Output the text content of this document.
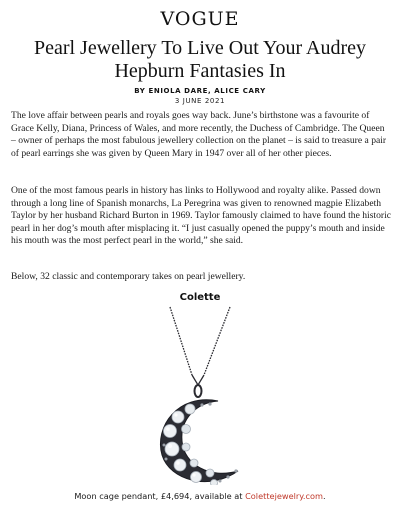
VOGUE
Pearl Jewellery To Live Out Your Audrey Hepburn Fantasies In
BY ENIOLA DARE, ALICE CARY
3 JUNE 2021

The love affair between pearls and royals goes way back. June’s birthstone was a favourite of Grace Kelly, Diana, Princess of Wales, and more recently, the Duchess of Cambridge. The Queen – owner of perhaps the most fabulous jewellery collection on the planet – is said to treasure a pair of pearl earrings she was given by Queen Mary in 1947 over all of her other pieces.

One of the most famous pearls in history has links to Hollywood and royalty alike. Passed down through a long line of Spanish monarchs, La Peregrina was given to renowned magpie Elizabeth Taylor by her husband Richard Burton in 1969. Taylor famously claimed to have found the historic pearl in her dog’s mouth after misplacing it. “I just casually opened the puppy’s mouth and inside his mouth was the most perfect pearl in the world,” she said.

Below, 32 classic and contemporary takes on pearl jewellery.

Colette
Moon cage pendant, £4,694, available at Colettejewelry.com.
